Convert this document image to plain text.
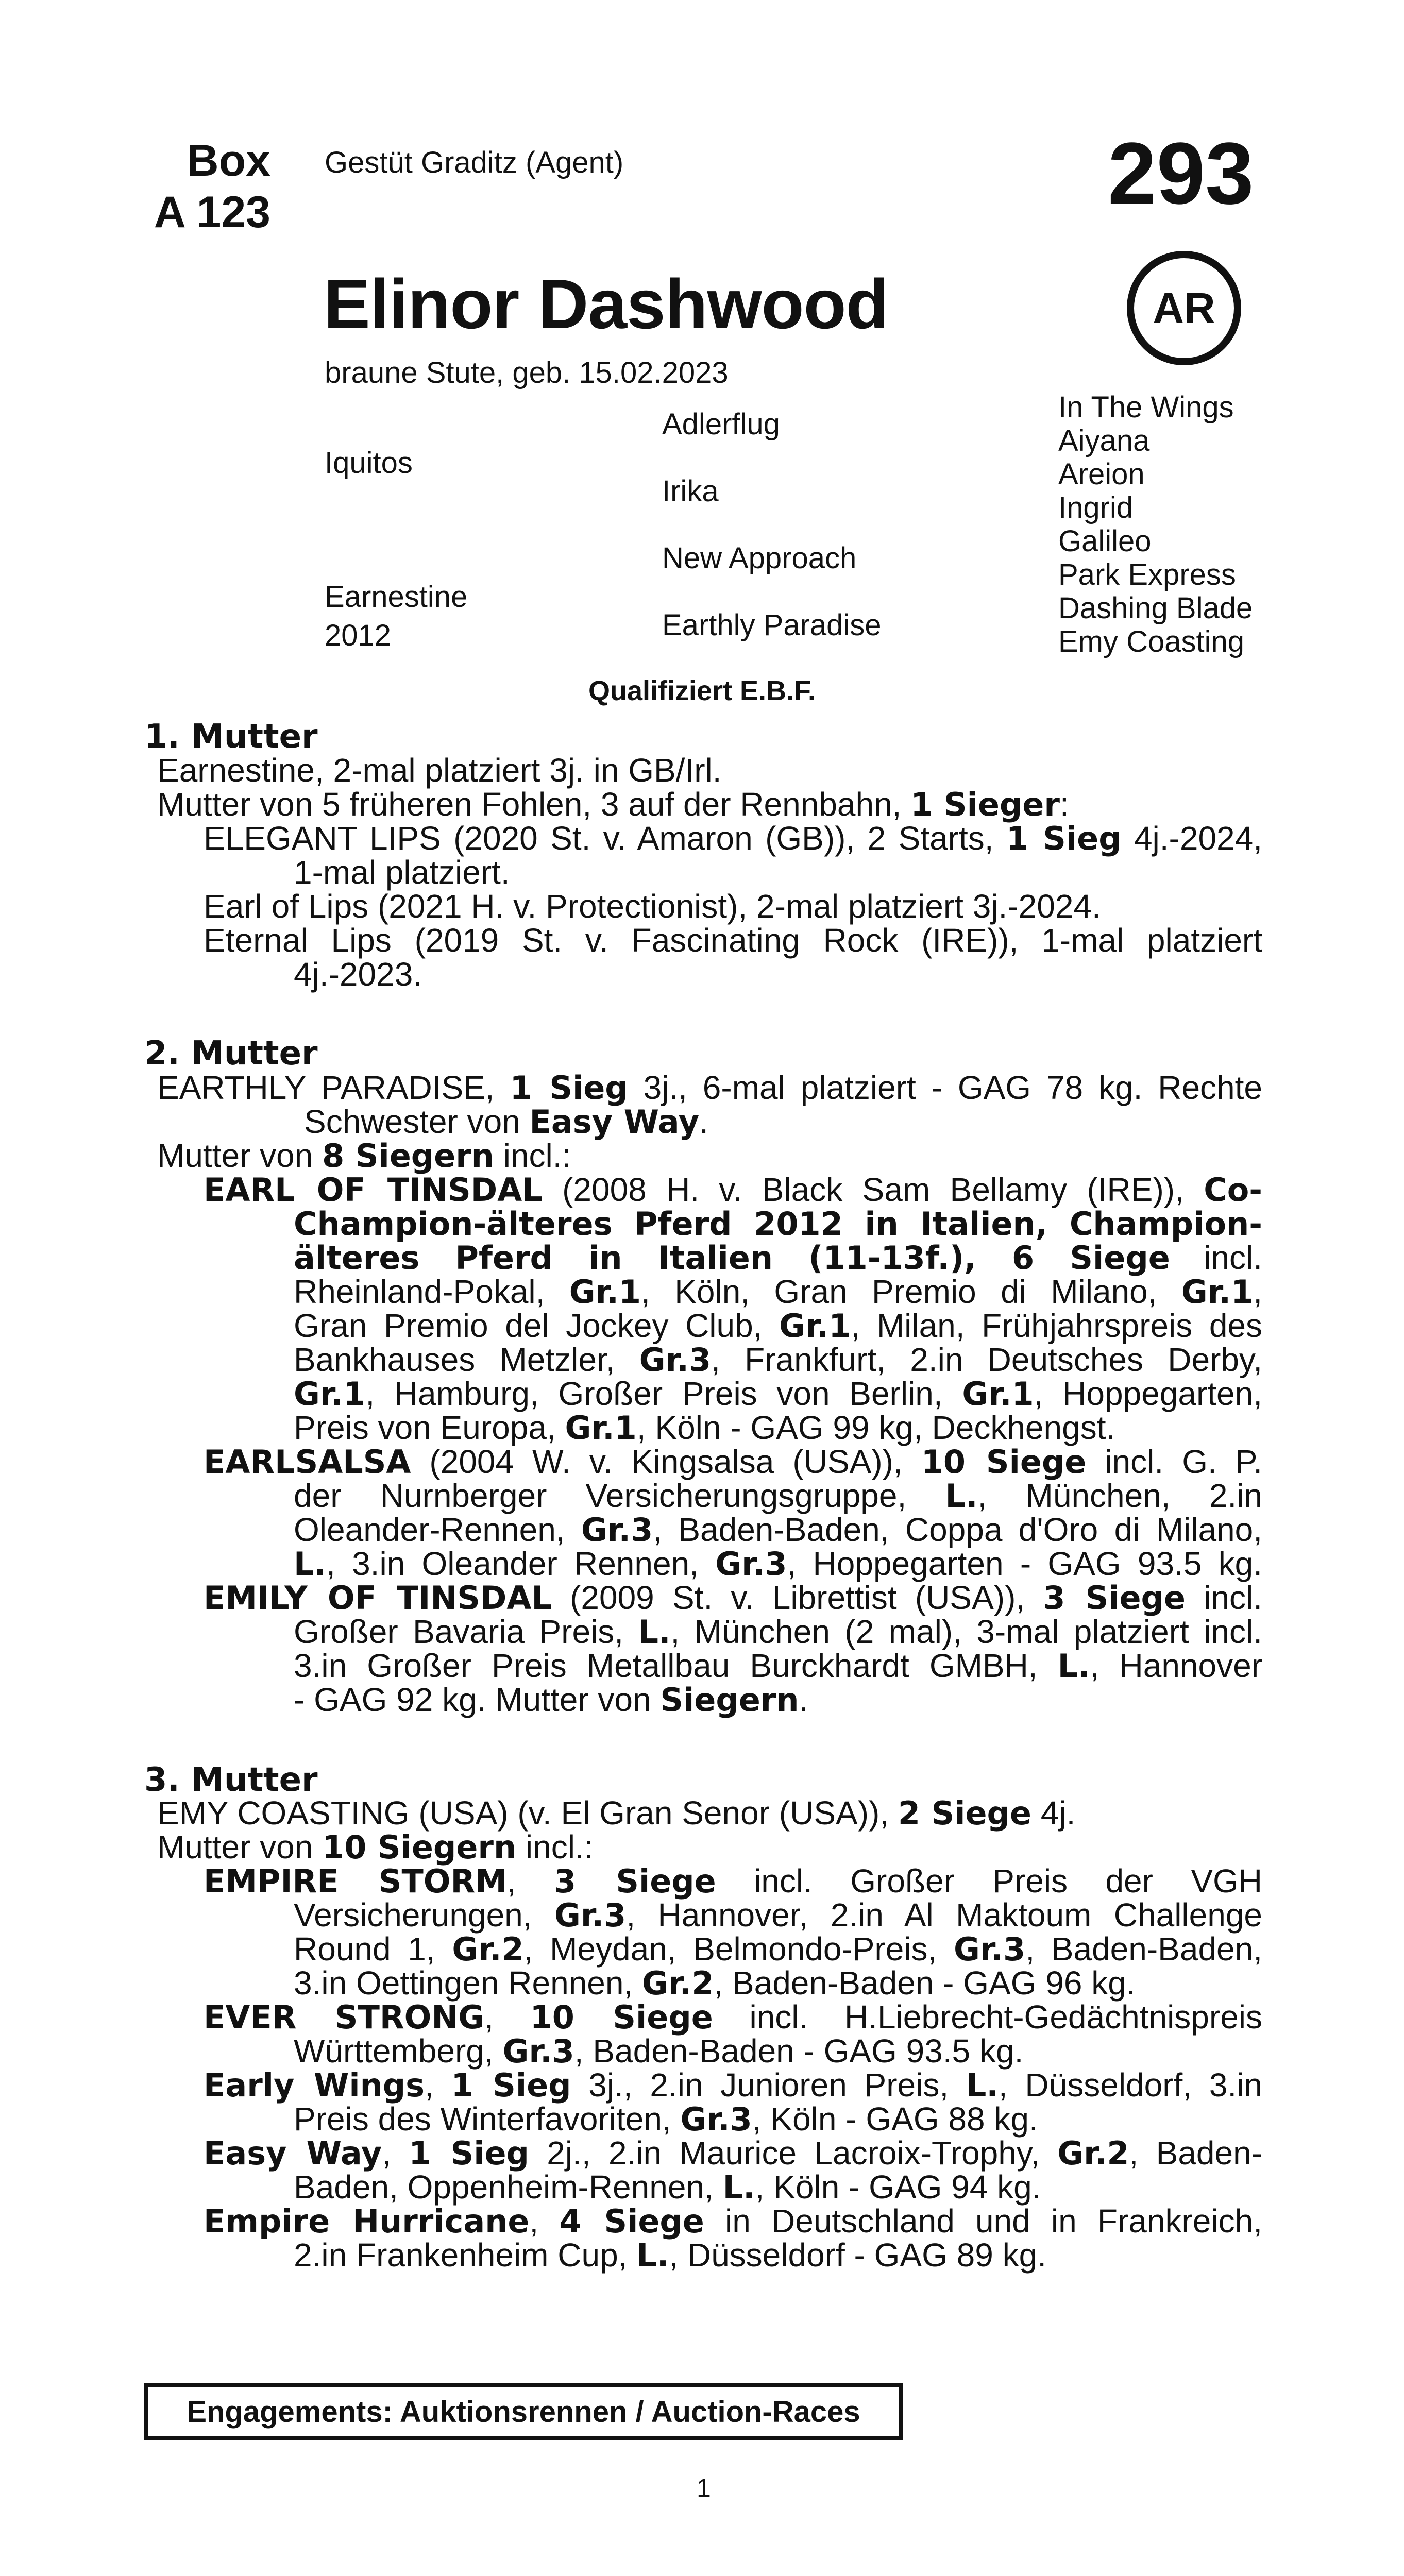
Box
A 123
Gestüt Graditz (Agent)	293
AR
Elinor Dashwood
braune Stute, geb. 15.02.2023
Iquitos
Earnestine
2012
Adlerflug
Irika
New Approach
Earthly Paradise
In The Wings
Aiyana
Areion
Ingrid
Galileo
Park Express
Dashing Blade
Emy Coasting
Qualifiziert E.B.F.
1. Mutter
Earnestine, 2-mal platziert 3j. in GB/Irl.
Mutter von 5 früheren Fohlen, 3 auf der Rennbahn, 1 Sieger:
ELEGANT LIPS (2020 St. v. Amaron (GB)), 2 Starts, 1 Sieg 4j.-2024,
1-mal platziert.
Earl of Lips (2021 H. v. Protectionist), 2-mal platziert 3j.-2024.
Eternal Lips (2019 St. v. Fascinating Rock (IRE)), 1-mal platziert
4j.-2023.
2. Mutter
EARTHLY PARADISE, 1 Sieg 3j., 6-mal platziert - GAG 78 kg. Rechte
Schwester von Easy Way.
Mutter von 8 Siegern incl.:
EARL OF TINSDAL (2008 H. v. Black Sam Bellamy (IRE)), Co-
Champion-älteres Pferd 2012 in Italien, Champion-
älteres Pferd in Italien (11-13f.), 6 Siege incl.
Rheinland-Pokal, Gr.1, Köln, Gran Premio di Milano, Gr.1,
Gran Premio del Jockey Club, Gr.1, Milan, Frühjahrspreis des
Bankhauses Metzler, Gr.3, Frankfurt, 2.in Deutsches Derby,
Gr.1, Hamburg, Großer Preis von Berlin, Gr.1, Hoppegarten,
Preis von Europa, Gr.1, Köln - GAG 99 kg, Deckhengst.
EARLSALSA (2004 W. v. Kingsalsa (USA)), 10 Siege incl. G. P.
der Nurnberger Versicherungsgruppe, L., München, 2.in
Oleander-Rennen, Gr.3, Baden-Baden, Coppa d'Oro di Milano,
L., 3.in Oleander Rennen, Gr.3, Hoppegarten - GAG 93.5 kg.
EMILY OF TINSDAL (2009 St. v. Librettist (USA)), 3 Siege incl.
Großer Bavaria Preis, L., München (2 mal), 3-mal platziert incl.
3.in Großer Preis Metallbau Burckhardt GMBH, L., Hannover
- GAG 92 kg. Mutter von Siegern.
3. Mutter
EMY COASTING (USA) (v. El Gran Senor (USA)), 2 Siege 4j.
Mutter von 10 Siegern incl.:
EMPIRE STORM, 3 Siege incl. Großer Preis der VGH
Versicherungen, Gr.3, Hannover, 2.in Al Maktoum Challenge
Round 1, Gr.2, Meydan, Belmondo-Preis, Gr.3, Baden-Baden,
3.in Oettingen Rennen, Gr.2, Baden-Baden - GAG 96 kg.
EVER STRONG, 10 Siege incl. H.Liebrecht-Gedächtnispreis
Württemberg, Gr.3, Baden-Baden - GAG 93.5 kg.
Early Wings, 1 Sieg 3j., 2.in Junioren Preis, L., Düsseldorf, 3.in
Preis des Winterfavoriten, Gr.3, Köln - GAG 88 kg.
Easy Way, 1 Sieg 2j., 2.in Maurice Lacroix-Trophy, Gr.2, Baden-
Baden, Oppenheim-Rennen, L., Köln - GAG 94 kg.
Empire Hurricane, 4 Siege in Deutschland und in Frankreich,
2.in Frankenheim Cup, L., Düsseldorf - GAG 89 kg.
Engagements: Auktionsrennen / Auction-Races
1
